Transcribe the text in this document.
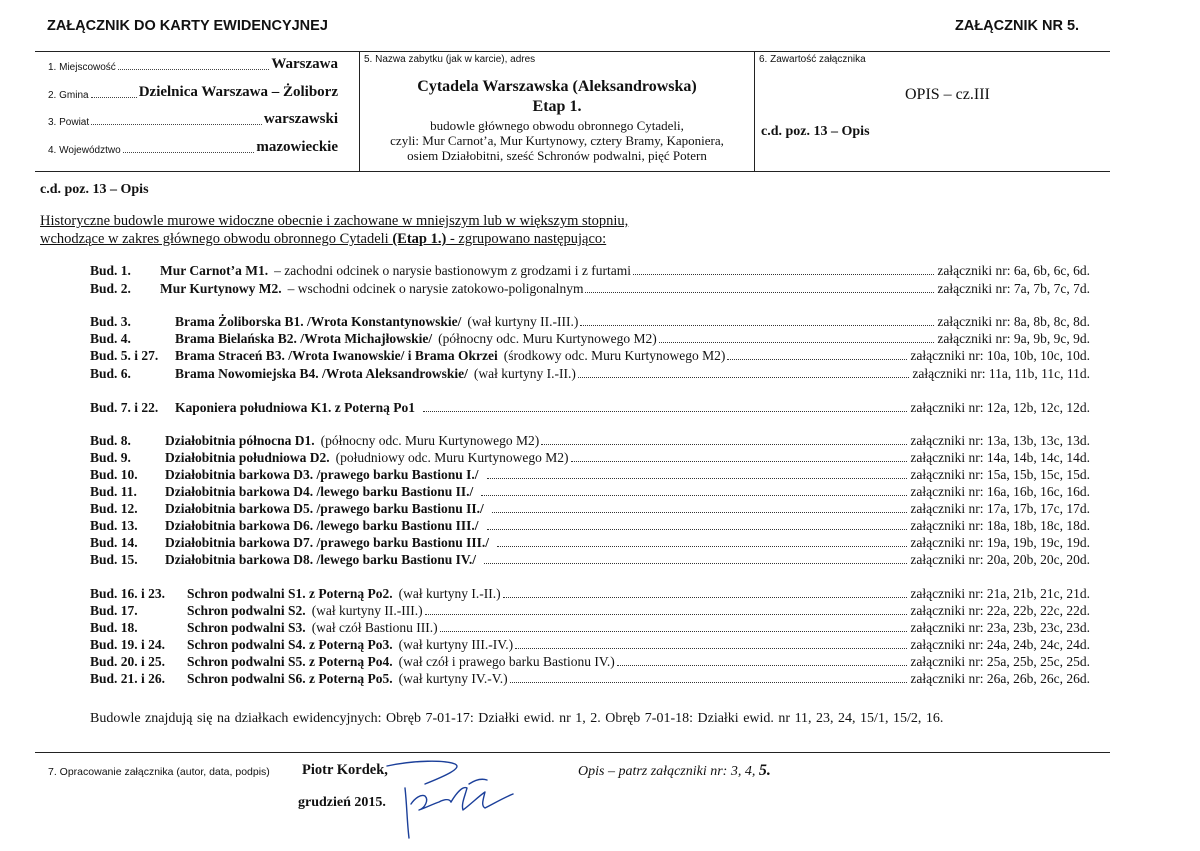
ZAŁĄCZNIK DO KARTY EWIDENCYJNEJ	ZAŁĄCZNIK NR 5.
1. Miejscowość	Warszawa
2. Gmina	Dzielnica Warszawa – Żoliborz
3. Powiat	warszawski
4. Województwo	mazowieckie
5. Nazwa zabytku (jak w karcie), adres
Cytadela Warszawska (Aleksandrowska)
Etap 1.
budowle głównego obwodu obronnego Cytadeli,
czyli: Mur Carnot’a, Mur Kurtynowy, cztery Bramy, Kaponiera,
osiem Działobitni, sześć Schronów podwalni, pięć Potern
6. Zawartość załącznika
OPIS – cz.III
c.d. poz. 13 – Opis
c.d. poz. 13 – Opis
Historyczne budowle murowe widoczne obecnie i zachowane w mniejszym lub w większym stopniu,
wchodzące w zakres głównego obwodu obronnego Cytadeli (Etap 1.) - zgrupowano następująco:
Bud. 1.	Mur Carnot’a M1. – zachodni odcinek o narysie bastionowym z grodzami i z furtami	załączniki nr: 6a, 6b, 6c, 6d.
Bud. 2.	Mur Kurtynowy M2. – wschodni odcinek o narysie zatokowo-poligonalnym	załączniki nr: 7a, 7b, 7c, 7d.
Bud. 3.	Brama Żoliborska B1. /Wrota Konstantynowskie/ (wał kurtyny II.-III.)	załączniki nr: 8a, 8b, 8c, 8d.
Bud. 4.	Brama Bielańska B2. /Wrota Michajłowskie/ (północny odc. Muru Kurtynowego M2)	załączniki nr: 9a, 9b, 9c, 9d.
Bud. 5. i 27.	Brama Straceń B3. /Wrota Iwanowskie/ i Brama Okrzei (środkowy odc. Muru Kurtynowego M2)	załączniki nr: 10a, 10b, 10c, 10d.
Bud. 6.	Brama Nowomiejska B4. /Wrota Aleksandrowskie/ (wał kurtyny I.-II.)	załączniki nr: 11a, 11b, 11c, 11d.
Bud. 7. i 22.	Kaponiera południowa K1. z Poterną Po1	załączniki nr: 12a, 12b, 12c, 12d.
Bud. 8.	Działobitnia północna D1. (północny odc. Muru Kurtynowego M2)	załączniki nr: 13a, 13b, 13c, 13d.
Bud. 9.	Działobitnia południowa D2. (południowy odc. Muru Kurtynowego M2)	załączniki nr: 14a, 14b, 14c, 14d.
Bud. 10.	Działobitnia barkowa D3. /prawego barku Bastionu I./	załączniki nr: 15a, 15b, 15c, 15d.
Bud. 11.	Działobitnia barkowa D4. /lewego barku Bastionu II./	załączniki nr: 16a, 16b, 16c, 16d.
Bud. 12.	Działobitnia barkowa D5. /prawego barku Bastionu II./	załączniki nr: 17a, 17b, 17c, 17d.
Bud. 13.	Działobitnia barkowa D6. /lewego barku Bastionu III./	załączniki nr: 18a, 18b, 18c, 18d.
Bud. 14.	Działobitnia barkowa D7. /prawego barku Bastionu III./	załączniki nr: 19a, 19b, 19c, 19d.
Bud. 15.	Działobitnia barkowa D8. /lewego barku Bastionu IV./	załączniki nr: 20a, 20b, 20c, 20d.
Bud. 16. i 23.	Schron podwalni S1. z Poterną Po2. (wał kurtyny I.-II.)	załączniki nr: 21a, 21b, 21c, 21d.
Bud. 17.	Schron podwalni S2. (wał kurtyny II.-III.)	załączniki nr: 22a, 22b, 22c, 22d.
Bud. 18.	Schron podwalni S3. (wał czół Bastionu III.)	załączniki nr: 23a, 23b, 23c, 23d.
Bud. 19. i 24.	Schron podwalni S4. z Poterną Po3. (wał kurtyny III.-IV.)	załączniki nr: 24a, 24b, 24c, 24d.
Bud. 20. i 25.	Schron podwalni S5. z Poterną Po4. (wał czół i prawego barku Bastionu IV.)	załączniki nr: 25a, 25b, 25c, 25d.
Bud. 21. i 26.	Schron podwalni S6. z Poterną Po5. (wał kurtyny IV.-V.)	załączniki nr: 26a, 26b, 26c, 26d.
Budowle znajdują się na działkach ewidencyjnych: Obręb 7-01-17: Działki ewid. nr 1, 2. Obręb 7-01-18: Działki ewid. nr 11, 23, 24, 15/1, 15/2, 16.
7. Opracowanie załącznika (autor, data, podpis) Piotr Kordek,
grudzień 2015.
Opis – patrz załączniki nr: 3, 4, 5.
